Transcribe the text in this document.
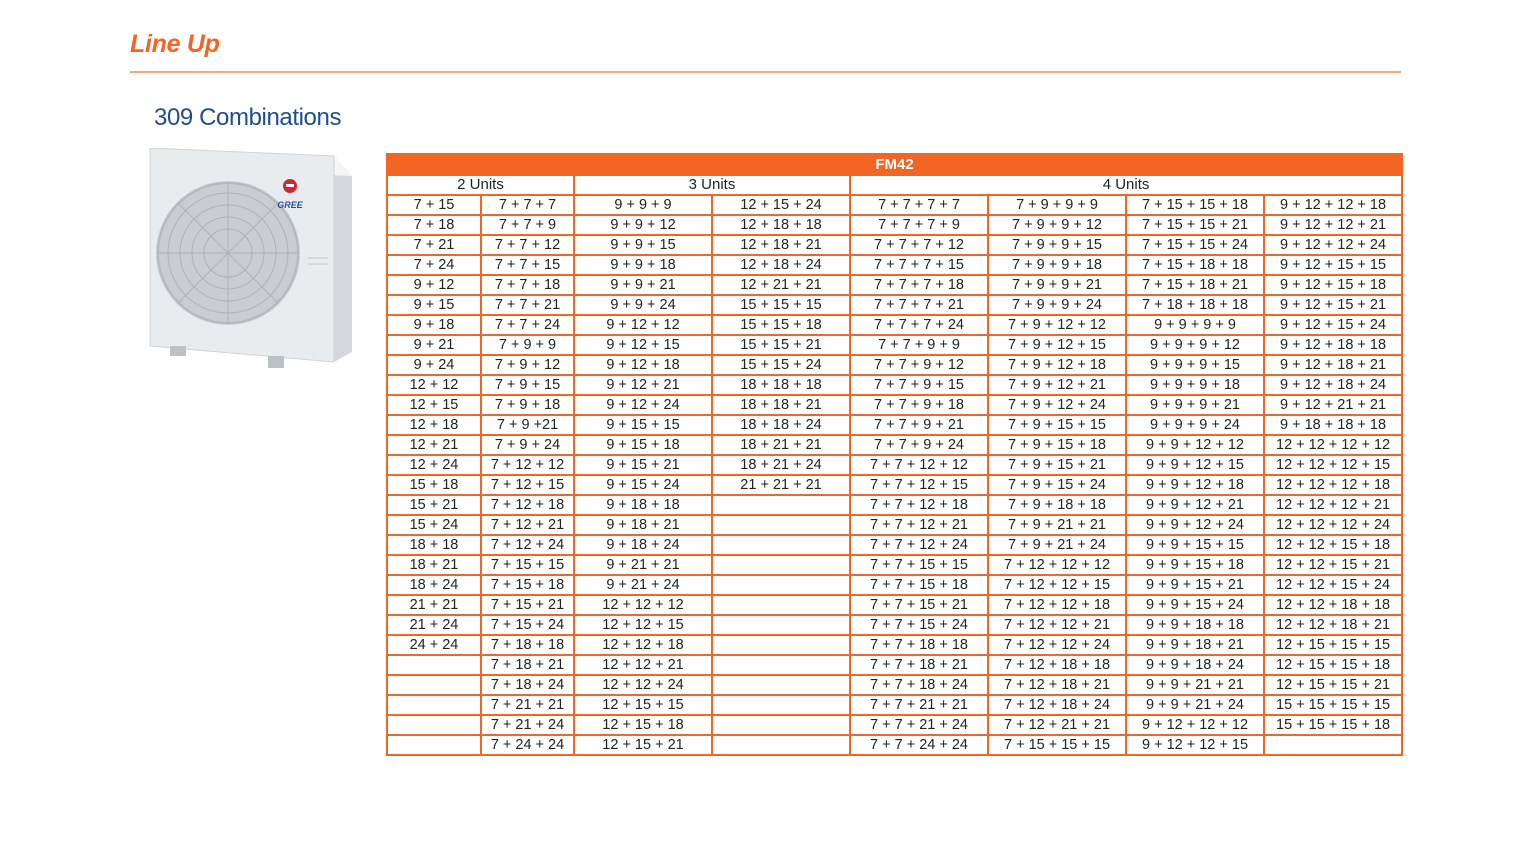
Line Up
309 Combinations
GREE
FM42							
2 Units		3 Units		4 Units			
7 + 15	7 + 7 + 7	9 + 9 + 9	12 + 15 + 24	7 + 7 + 7 + 7	7 + 9 + 9 + 9	7 + 15 + 15 + 18	9 + 12 + 12 + 18
7 + 18	7 + 7 + 9	9 + 9 + 12	12 + 18 + 18	7 + 7 + 7 + 9	7 + 9 + 9 + 12	7 + 15 + 15 + 21	9 + 12 + 12 + 21
7 + 21	7 + 7 + 12	9 + 9 + 15	12 + 18 + 21	7 + 7 + 7 + 12	7 + 9 + 9 + 15	7 + 15 + 15 + 24	9 + 12 + 12 + 24
7 + 24	7 + 7 + 15	9 + 9 + 18	12 + 18 + 24	7 + 7 + 7 + 15	7 + 9 + 9 + 18	7 + 15 + 18 + 18	9 + 12 + 15 + 15
9 + 12	7 + 7 + 18	9 + 9 + 21	12 + 21 + 21	7 + 7 + 7 + 18	7 + 9 + 9 + 21	7 + 15 + 18 + 21	9 + 12 + 15 + 18
9 + 15	7 + 7 + 21	9 + 9 + 24	15 + 15 + 15	7 + 7 + 7 + 21	7 + 9 + 9 + 24	7 + 18 + 18 + 18	9 + 12 + 15 + 21
9 + 18	7 + 7 + 24	9 + 12 + 12	15 + 15 + 18	7 + 7 + 7 + 24	7 + 9 + 12 + 12	9 + 9 + 9 + 9	9 + 12 + 15 + 24
9 + 21	7 + 9 + 9	9 + 12 + 15	15 + 15 + 21	7 + 7 + 9 + 9	7 + 9 + 12 + 15	9 + 9 + 9 + 12	9 + 12 + 18 + 18
9 + 24	7 + 9 + 12	9 + 12 + 18	15 + 15 + 24	7 + 7 + 9 + 12	7 + 9 + 12 + 18	9 + 9 + 9 + 15	9 + 12 + 18 + 21
12 + 12	7 + 9 + 15	9 + 12 + 21	18 + 18 + 18	7 + 7 + 9 + 15	7 + 9 + 12 + 21	9 + 9 + 9 + 18	9 + 12 + 18 + 24
12 + 15	7 + 9 + 18	9 + 12 + 24	18 + 18 + 21	7 + 7 + 9 + 18	7 + 9 + 12 + 24	9 + 9 + 9 + 21	9 + 12 + 21 + 21
12 + 18	7 + 9 +21	9 + 15 + 15	18 + 18 + 24	7 + 7 + 9 + 21	7 + 9 + 15 + 15	9 + 9 + 9 + 24	9 + 18 + 18 + 18
12 + 21	7 + 9 + 24	9 + 15 + 18	18 + 21 + 21	7 + 7 + 9 + 24	7 + 9 + 15 + 18	9 + 9 + 12 + 12	12 + 12 + 12 + 12
12 + 24	7 + 12 + 12	9 + 15 + 21	18 + 21 + 24	7 + 7 + 12 + 12	7 + 9 + 15 + 21	9 + 9 + 12 + 15	12 + 12 + 12 + 15
15 + 18	7 + 12 + 15	9 + 15 + 24	21 + 21 + 21	7 + 7 + 12 + 15	7 + 9 + 15 + 24	9 + 9 + 12 + 18	12 + 12 + 12 + 18
15 + 21	7 + 12 + 18	9 + 18 + 18		7 + 7 + 12 + 18	7 + 9 + 18 + 18	9 + 9 + 12 + 21	12 + 12 + 12 + 21
15 + 24	7 + 12 + 21	9 + 18 + 21		7 + 7 + 12 + 21	7 + 9 + 21 + 21	9 + 9 + 12 + 24	12 + 12 + 12 + 24
18 + 18	7 + 12 + 24	9 + 18 + 24		7 + 7 + 12 + 24	7 + 9 + 21 + 24	9 + 9 + 15 + 15	12 + 12 + 15 + 18
18 + 21	7 + 15 + 15	9 + 21 + 21		7 + 7 + 15 + 15	7 + 12 + 12 + 12	9 + 9 + 15 + 18	12 + 12 + 15 + 21
18 + 24	7 + 15 + 18	9 + 21 + 24		7 + 7 + 15 + 18	7 + 12 + 12 + 15	9 + 9 + 15 + 21	12 + 12 + 15 + 24
21 + 21	7 + 15 + 21	12 + 12 + 12		7 + 7 + 15 + 21	7 + 12 + 12 + 18	9 + 9 + 15 + 24	12 + 12 + 18 + 18
21 + 24	7 + 15 + 24	12 + 12 + 15		7 + 7 + 15 + 24	7 + 12 + 12 + 21	9 + 9 + 18 + 18	12 + 12 + 18 + 21
24 + 24	7 + 18 + 18	12 + 12 + 18		7 + 7 + 18 + 18	7 + 12 + 12 + 24	9 + 9 + 18 + 21	12 + 15 + 15 + 15
	7 + 18 + 21	12 + 12 + 21		7 + 7 + 18 + 21	7 + 12 + 18 + 18	9 + 9 + 18 + 24	12 + 15 + 15 + 18
	7 + 18 + 24	12 + 12 + 24		7 + 7 + 18 + 24	7 + 12 + 18 + 21	9 + 9 + 21 + 21	12 + 15 + 15 + 21
	7 + 21 + 21	12 + 15 + 15		7 + 7 + 21 + 21	7 + 12 + 18 + 24	9 + 9 + 21 + 24	15 + 15 + 15 + 15
	7 + 21 + 24	12 + 15 + 18		7 + 7 + 21 + 24	7 + 12 + 21 + 21	9 + 12 + 12 + 12	15 + 15 + 15 + 18
	7 + 24 + 24	12 + 15 + 21		7 + 7 + 24 + 24	7 + 15 + 15 + 15	9 + 12 + 12 + 15	
